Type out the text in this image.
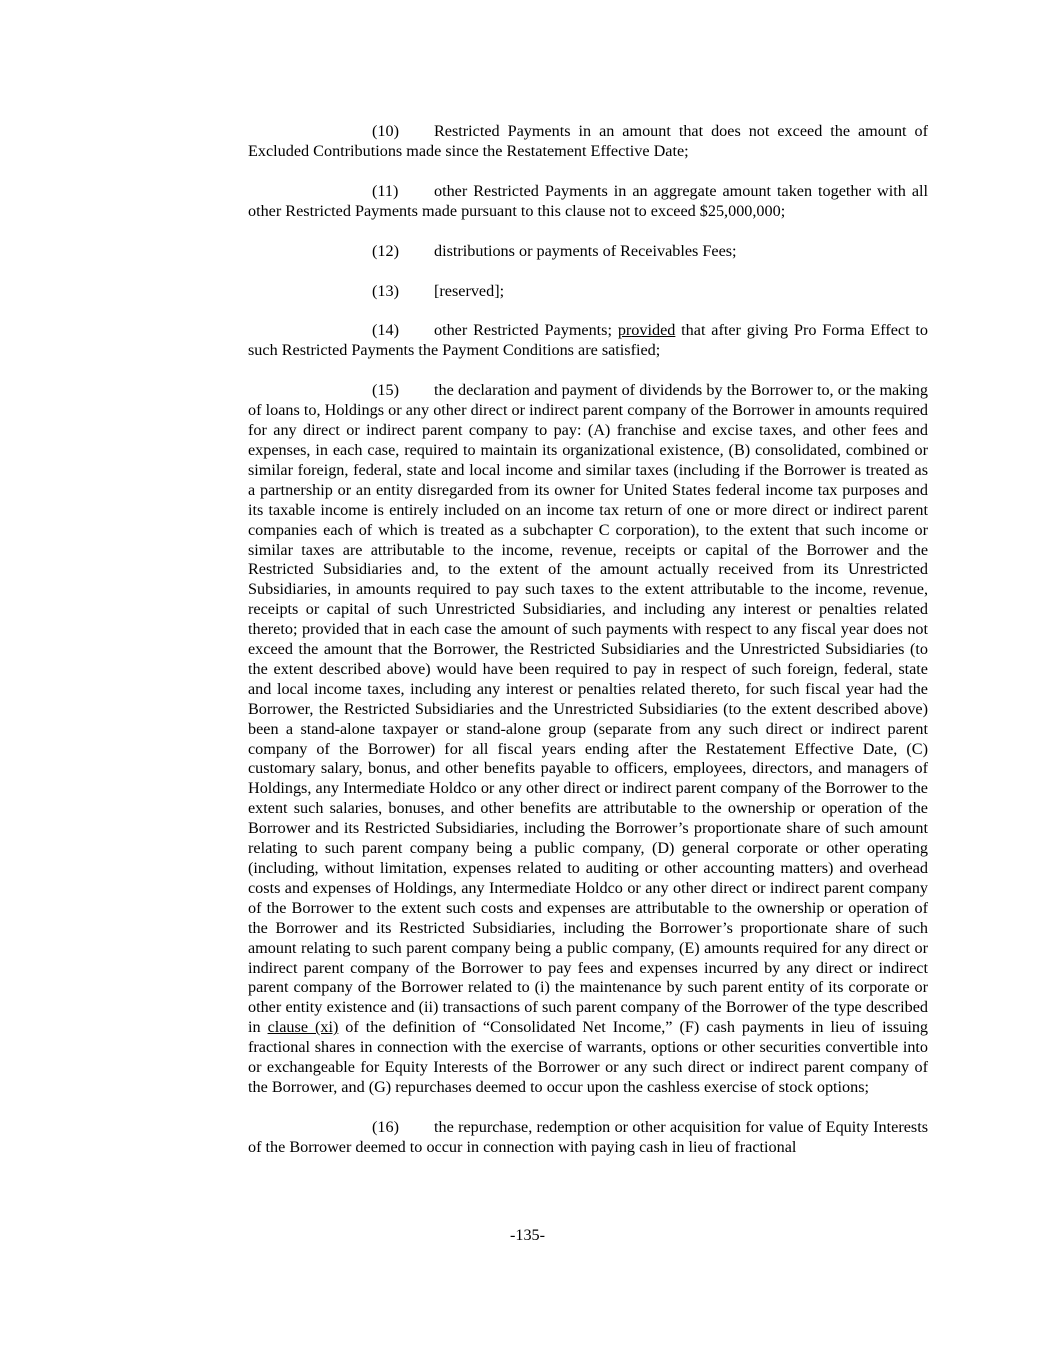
(10) Restricted Payments in an amount that does not exceed the amount of Excluded Contributions made since the Restatement Effective Date;

(11) other Restricted Payments in an aggregate amount taken together with all other Restricted Payments made pursuant to this clause not to exceed $25,000,000;

(12) distributions or payments of Receivables Fees;

(13) [reserved];

(14) other Restricted Payments; provided that after giving Pro Forma Effect to such Restricted Payments the Payment Conditions are satisfied;

(15) the declaration and payment of dividends by the Borrower to, or the making of loans to, Holdings or any other direct or indirect parent company of the Borrower in amounts required for any direct or indirect parent company to pay: (A) franchise and excise taxes, and other fees and expenses, in each case, required to maintain its organizational existence, (B) consolidated, combined or similar foreign, federal, state and local income and similar taxes (including if the Borrower is treated as a partnership or an entity disregarded from its owner for United States federal income tax purposes and its taxable income is entirely included on an income tax return of one or more direct or indirect parent companies each of which is treated as a subchapter C corporation), to the extent that such income or similar taxes are attributable to the income, revenue, receipts or capital of the Borrower and the Restricted Subsidiaries and, to the extent of the amount actually received from its Unrestricted Subsidiaries, in amounts required to pay such taxes to the extent attributable to the income, revenue, receipts or capital of such Unrestricted Subsidiaries, and including any interest or penalties related thereto; provided that in each case the amount of such payments with respect to any fiscal year does not exceed the amount that the Borrower, the Restricted Subsidiaries and the Unrestricted Subsidiaries (to the extent described above) would have been required to pay in respect of such foreign, federal, state and local income taxes, including any interest or penalties related thereto, for such fiscal year had the Borrower, the Restricted Subsidiaries and the Unrestricted Subsidiaries (to the extent described above) been a stand-alone taxpayer or stand-alone group (separate from any such direct or indirect parent company of the Borrower) for all fiscal years ending after the Restatement Effective Date, (C) customary salary, bonus, and other benefits payable to officers, employees, directors, and managers of Holdings, any Intermediate Holdco or any other direct or indirect parent company of the Borrower to the extent such salaries, bonuses, and other benefits are attributable to the ownership or operation of the Borrower and its Restricted Subsidiaries, including the Borrower’s proportionate share of such amount relating to such parent company being a public company, (D) general corporate or other operating (including, without limitation, expenses related to auditing or other accounting matters) and overhead costs and expenses of Holdings, any Intermediate Holdco or any other direct or indirect parent company of the Borrower to the extent such costs and expenses are attributable to the ownership or operation of the Borrower and its Restricted Subsidiaries, including the Borrower’s proportionate share of such amount relating to such parent company being a public company, (E) amounts required for any direct or indirect parent company of the Borrower to pay fees and expenses incurred by any direct or indirect parent company of the Borrower related to (i) the maintenance by such parent entity of its corporate or other entity existence and (ii) transactions of such parent company of the Borrower of the type described in clause (xi) of the definition of “Consolidated Net Income,” (F) cash payments in lieu of issuing fractional shares in connection with the exercise of warrants, options or other securities convertible into or exchangeable for Equity Interests of the Borrower or any such direct or indirect parent company of the Borrower, and (G) repurchases deemed to occur upon the cashless exercise of stock options;

(16) the repurchase, redemption or other acquisition for value of Equity Interests of the Borrower deemed to occur in connection with paying cash in lieu of fractional

-135-
